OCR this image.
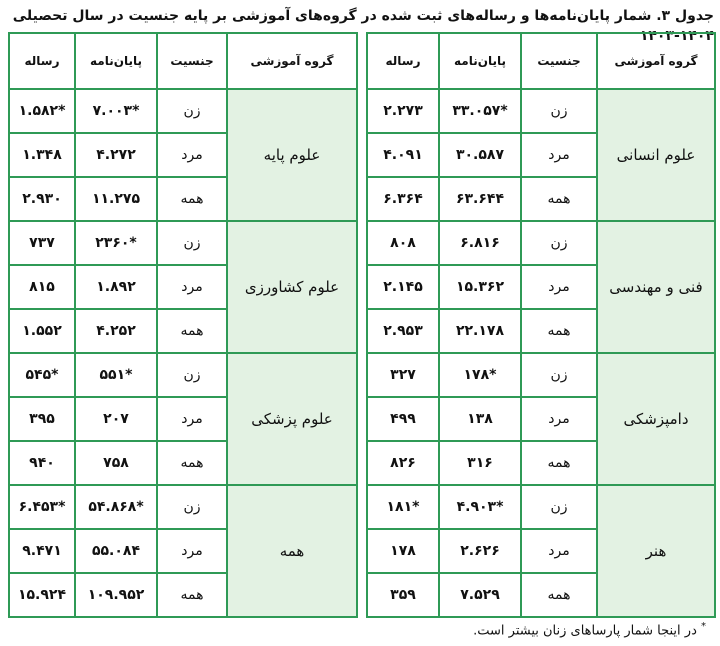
جدول ۳. شمار پایان‌نامه‌ها و رساله‌های ثبت شده در گروه‌های آموزشی بر پایه جنسیت در سال تحصیلی ۱۴۰۴-۱۴۰۳
گروه آموزشی	جنسیت	پایان‌نامه	رساله
علوم انسانی	زن	*۳۳.۰۵۷	۲.۲۷۳
	مرد	۳۰.۵۸۷	۴.۰۹۱
	همه	۶۳.۶۴۴	۶.۳۶۴
فنی و مهندسی	زن	۶.۸۱۶	۸۰۸
	مرد	۱۵.۳۶۲	۲.۱۴۵
	همه	۲۲.۱۷۸	۲.۹۵۳
دامپزشکی	زن	*۱۷۸	۳۲۷
	مرد	۱۳۸	۴۹۹
	همه	۳۱۶	۸۲۶
هنر	زن	*۴.۹۰۳	*۱۸۱
	مرد	۲.۶۲۶	۱۷۸
	همه	۷.۵۲۹	۳۵۹
گروه آموزشی	جنسیت	پایان‌نامه	رساله
علوم پایه	زن	*۷.۰۰۳	*۱.۵۸۲
	مرد	۴.۲۷۲	۱.۳۴۸
	همه	۱۱.۲۷۵	۲.۹۳۰
علوم کشاورزی	زن	*۲۳۶۰	۷۳۷
	مرد	۱.۸۹۲	۸۱۵
	همه	۴.۲۵۲	۱.۵۵۲
علوم پزشکی	زن	*۵۵۱	*۵۴۵
	مرد	۲۰۷	۳۹۵
	همه	۷۵۸	۹۴۰
همه	زن	*۵۴.۸۶۸	*۶.۴۵۳
	مرد	۵۵.۰۸۴	۹.۴۷۱
	همه	۱۰۹.۹۵۲	۱۵.۹۲۴
* در اینجا شمار پارساهای زنان بیشتر است.
